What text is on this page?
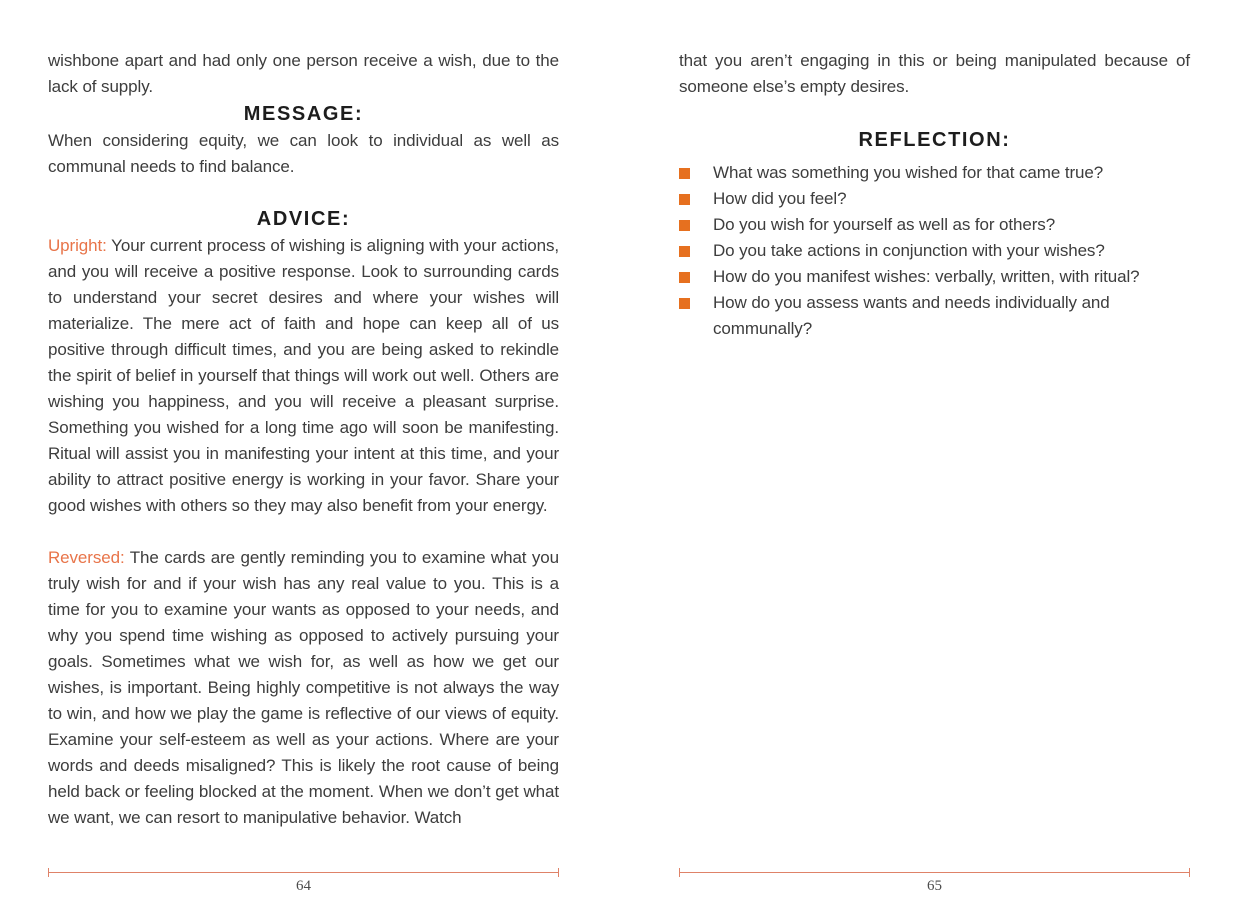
wishbone apart and had only one person receive a wish, due to the lack of supply.

MESSAGE:

When considering equity, we can look to individual as well as communal needs to find balance.

ADVICE:

Upright: Your current process of wishing is aligning with your actions, and you will receive a positive response. Look to surrounding cards to understand your secret desires and where your wishes will materialize. The mere act of faith and hope can keep all of us positive through difficult times, and you are being asked to rekindle the spirit of belief in yourself that things will work out well. Others are wishing you happiness, and you will receive a pleasant surprise. Something you wished for a long time ago will soon be manifesting. Ritual will assist you in manifesting your intent at this time, and your ability to attract positive energy is working in your favor. Share your good wishes with others so they may also benefit from your energy.

Reversed: The cards are gently reminding you to examine what you truly wish for and if your wish has any real value to you. This is a time for you to examine your wants as opposed to your needs, and why you spend time wishing as opposed to actively pursuing your goals. Sometimes what we wish for, as well as how we get our wishes, is important. Being highly competitive is not always the way to win, and how we play the game is reflective of our views of equity. Examine your self-esteem as well as your actions. Where are your words and deeds misaligned? This is likely the root cause of being held back or feeling blocked at the moment. When we don’t get what we want, we can resort to manipulative behavior. Watch

64

that you aren’t engaging in this or being manipulated because of someone else’s empty desires.

REFLECTION:
What was something you wished for that came true?
How did you feel?
Do you wish for yourself as well as for others?
Do you take actions in conjunction with your wishes?
How do you manifest wishes: verbally, written, with ritual?
How do you assess wants and needs individually and communally?
65
